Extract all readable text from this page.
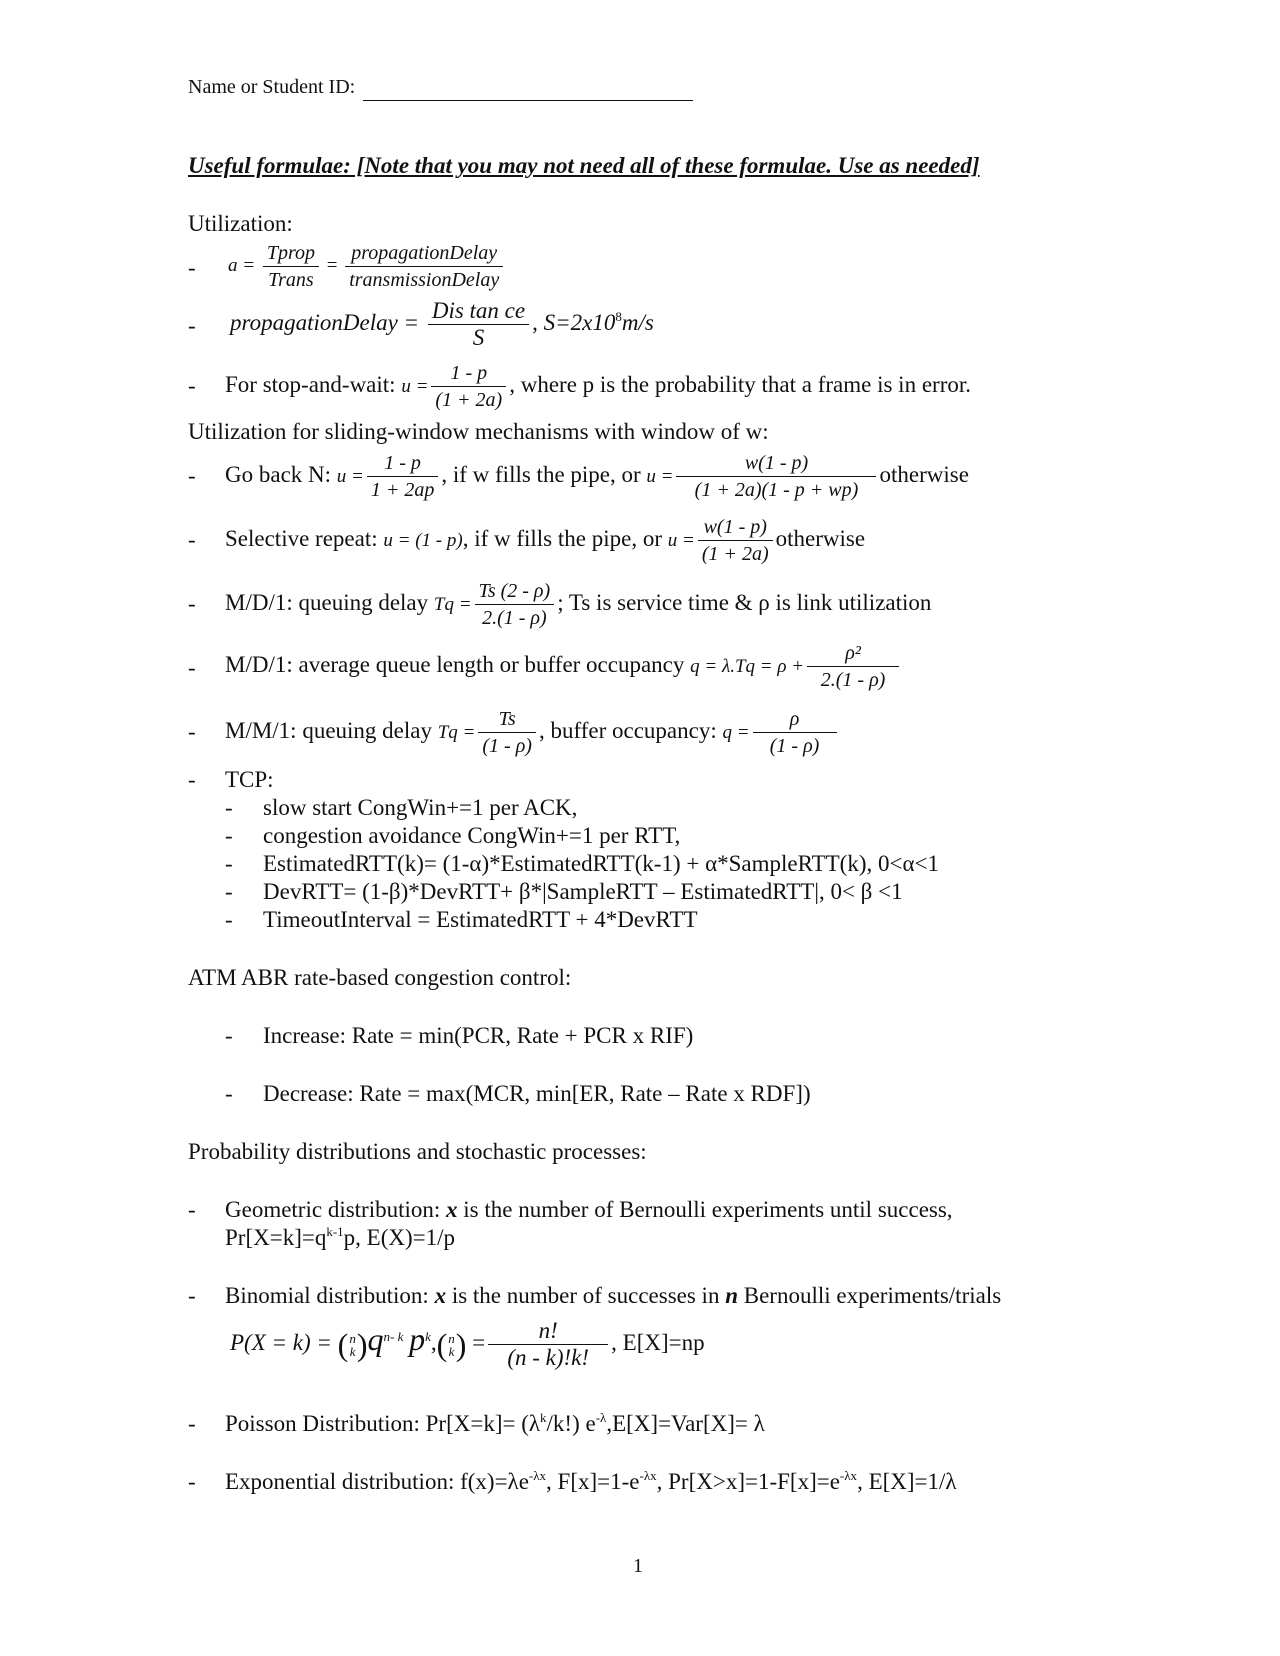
Name or Student ID:
Useful formulae: [Note that you may not need all of these formulae. Use as needed]
Utilization:
- $a = \frac{\text{Tprop}}{\text{Trans}} = \frac{\text{propagationDelay}}{\text{transmissionDelay}}$
- propagationDelay = $\frac{\text{Dis tan ce}}{S}$ , $S=2x10^8m/s$
- For stop-and-wait: $u = \frac{1 - p}{(1 + 2a)}$ , where p is the probability that a frame is in error.
Utilization for sliding-window mechanisms with window of w:
- Go back N: $u = \frac{1 - p}{1 + 2ap}$ , if w fills the pipe, or $u = \frac{w(1 - p)}{(1 + 2a)(1 - p + wp)}$ otherwise
- Selective repeat: u = (1 - p), if w fills the pipe, or $u = \frac{w(1 - p)}{(1 + 2a)}$ otherwise
- M/D/1: queuing delay $Tq = \frac{Ts (2 - \rho)}{2.(1 - \rho)}$ ; Ts is service time & ρ is link utilization
- M/D/1: average queue length or buffer occupancy $q = \lambda.Tq = \rho + \frac{\text{ρ²}}{2.(1 - \rho)}$
- M/M/1: queuing delay $Tq = \frac{Ts}{(1 - \rho)}$ , buffer occupancy: $q = \frac{\rho}{(1 - \rho)}$
- TCP:
- slow start CongWin+=1 per ACK,
- congestion avoidance CongWin+=1 per RTT,
- EstimatedRTT(k)= (1-α)*EstimatedRTT(k-1) + α*SampleRTT(k), 0<α<1
- DevRTT= (1-β)*DevRTT+ β*|SampleRTT – EstimatedRTT|, 0< β <1
- TimeoutInterval = EstimatedRTT + 4*DevRTT
ATM ABR rate-based congestion control:
- Increase: Rate = min(PCR, Rate + PCR x RIF)
- Decrease: Rate = max(MCR, min[ER, Rate – Rate x RDF])
Probability distributions and stochastic processes:
- Geometric distribution: x is the number of Bernoulli experiments until success,
$Pr[X=k]=q^{k-1}p$, E(X)=1/p
- Binomial distribution: x is the number of successes in n Bernoulli experiments/trials
P(X = k) = (n
$k)q^{n- k}$ $p^k,(n$
$k) = \frac{n!}{(n - k)!k!}$ , E[X]=np
- Poisson Distribution: $Pr[X=k]= (\lambda^k/k!)$ $e^{-\lambda},E[X]=Var[X]= \lambda$
- Exponential distribution: $f(x)=\lambda e^{-\lambda x}$, $F[x]=1-e^{-\lambda x}$, $Pr[X>x]=1-F[x]=e^{-\lambda x}$, E[X]=1/λ
1
